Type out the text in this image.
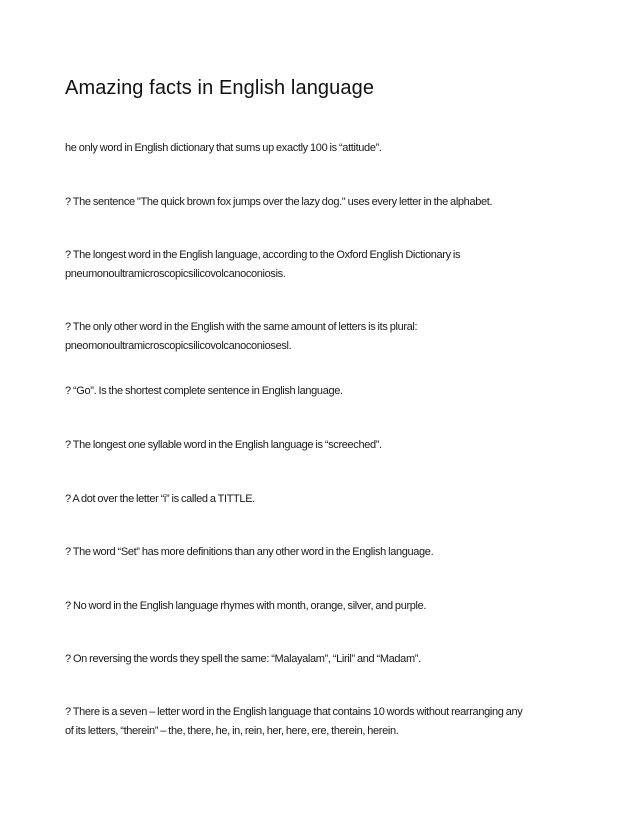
Amazing facts in English language
he only word in English dictionary that sums up exactly 100 is “attitude”.
? The sentence "The quick brown fox jumps over the lazy dog." uses every letter in the alphabet.
? The longest word in the English language, according to the Oxford English Dictionary is
pneumonoultramicroscopicsilicovolcanoconiosis.
? The only other word in the English with the same amount of letters is its plural:
pneomonoultramicroscopicsilicovolcanoconiosesl.
? “Go”. Is the shortest complete sentence in English language.
? The longest one syllable word in the English language is “screeched”.
? A dot over the letter “i” is called a TITTLE.
? The word “Set” has more definitions than any other word in the English language.
? No word in the English language rhymes with month, orange, silver, and purple.
? On reversing the words they spell the same: “Malayalam”, “Liril” and “Madam”.
? There is a seven – letter word in the English language that contains 10 words without rearranging any
of its letters, “therein” – the, there, he, in, rein, her, here, ere, therein, herein.
